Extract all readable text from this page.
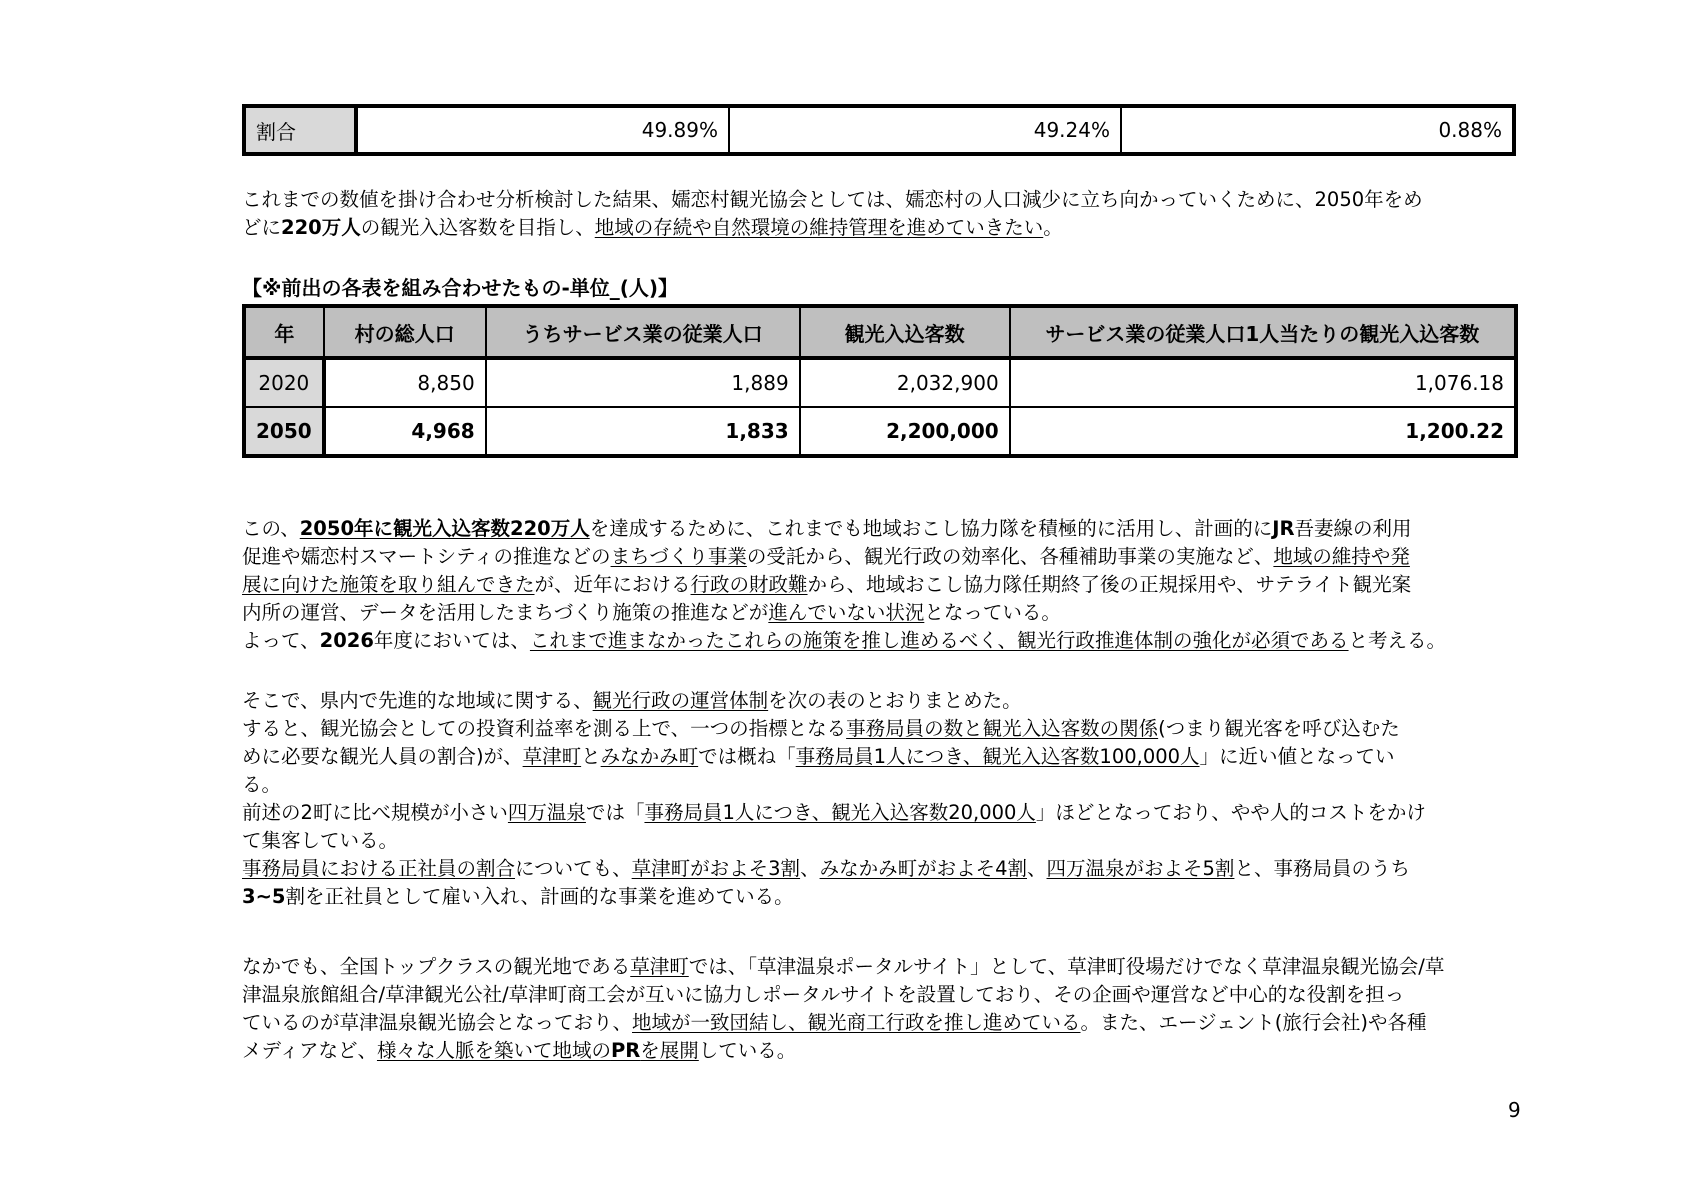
割合	49.89%	49.24%	0.88%

これまでの数値を掛け合わせ分析検討した結果、嬬恋村観光協会としては、嬬恋村の人口減少に立ち向かっていくために、2050年をめ

どに220万人の観光入込客数を目指し、地域の存続や自然環境の維持管理を進めていきたい。

【※前出の各表を組み合わせたもの-単位_(人)】
年	村の総人口	うちサービス業の従業人口	観光入込客数	サービス業の従業人口1人当たりの観光入込客数
2020	8,850	1,889	2,032,900	1,076.18
2050	4,968	1,833	2,200,000	1,200.22

この、2050年に観光入込客数220万人を達成するために、これまでも地域おこし協力隊を積極的に活用し、計画的にJR吾妻線の利用

促進や嬬恋村スマートシティの推進などのまちづくり事業の受託から、観光行政の効率化、各種補助事業の実施など、地域の維持や発

展に向けた施策を取り組んできたが、近年における行政の財政難から、地域おこし協力隊任期終了後の正規採用や、サテライト観光案

内所の運営、データを活用したまちづくり施策の推進などが進んでいない状況となっている。

よって、2026年度においては、これまで進まなかったこれらの施策を推し進めるべく、観光行政推進体制の強化が必須であると考える。

そこで、県内で先進的な地域に関する、観光行政の運営体制を次の表のとおりまとめた。

すると、観光協会としての投資利益率を測る上で、一つの指標となる事務局員の数と観光入込客数の関係(つまり観光客を呼び込むた

めに必要な観光人員の割合)が、草津町とみなかみ町では概ね「事務局員1人につき、観光入込客数100,000人」に近い値となってい

る。

前述の2町に比べ規模が小さい四万温泉では「事務局員1人につき、観光入込客数20,000人」ほどとなっており、やや人的コストをかけ

て集客している。

事務局員における正社員の割合についても、草津町がおよそ3割、みなかみ町がおよそ4割、四万温泉がおよそ5割と、事務局員のうち

3~5割を正社員として雇い入れ、計画的な事業を進めている。

なかでも、全国トップクラスの観光地である草津町では、「草津温泉ポータルサイト」として、草津町役場だけでなく草津温泉観光協会/草

津温泉旅館組合/草津観光公社/草津町商工会が互いに協力しポータルサイトを設置しており、その企画や運営など中心的な役割を担っ

ているのが草津温泉観光協会となっており、地域が一致団結し、観光商工行政を推し進めている。また、エージェント(旅行会社)や各種

メディアなど、様々な人脈を築いて地域のPRを展開している。

9
